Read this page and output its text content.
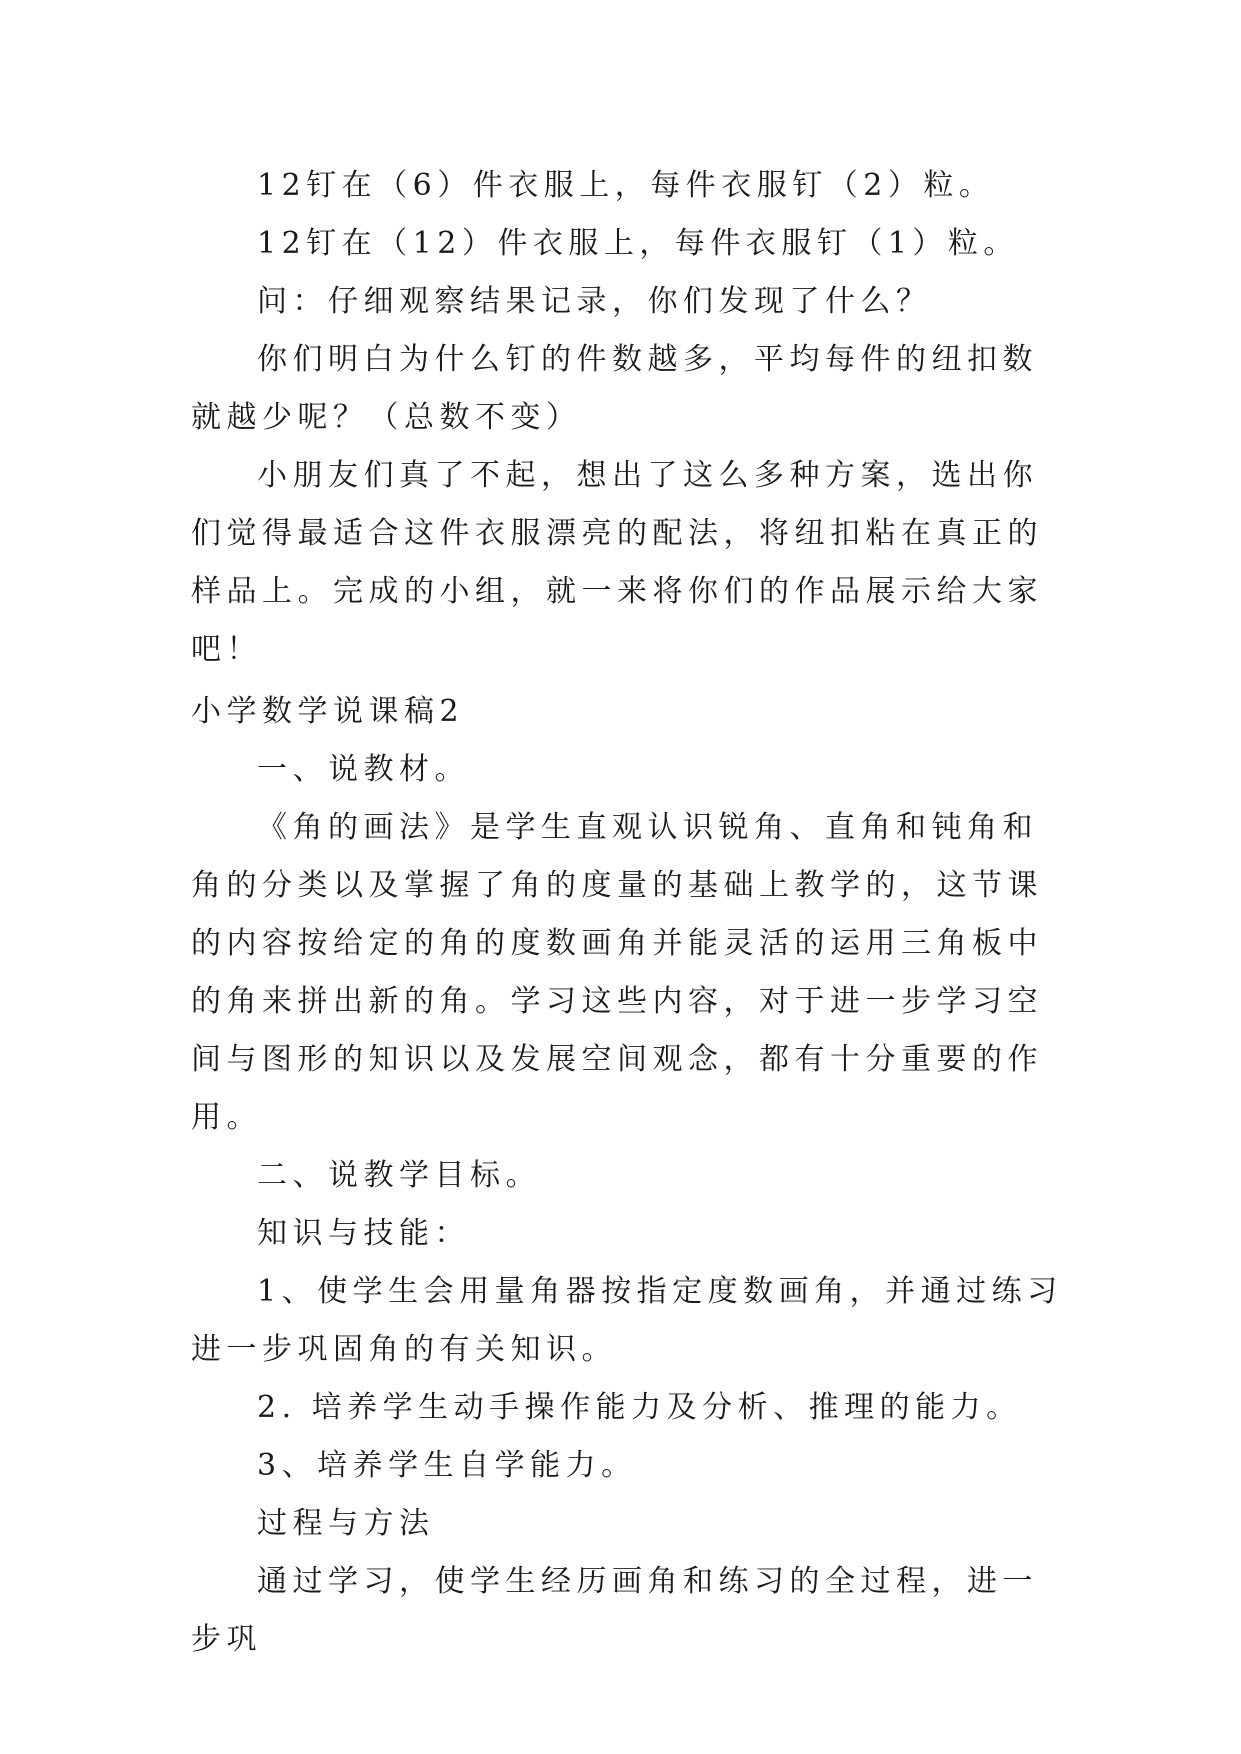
12钉在（6）件衣服上，每件衣服钉（2）粒。

12钉在（12）件衣服上，每件衣服钉（1）粒。

问：仔细观察结果记录，你们发现了什么？

你们明白为什么钉的件数越多，平均每件的纽扣数就越少呢？（总数不变）

小朋友们真了不起，想出了这么多种方案，选出你们觉得最适合这件衣服漂亮的配法，将纽扣粘在真正的样品上。完成的小组，就一来将你们的作品展示给大家吧！

小学数学说课稿2

一、说教材。

《角的画法》是学生直观认识锐角、直角和钝角和角的分类以及掌握了角的度量的基础上教学的，这节课的内容按给定的角的度数画角并能灵活的运用三角板中的角来拼出新的角。学习这些内容，对于进一步学习空间与图形的知识以及发展空间观念，都有十分重要的作用。

二、说教学目标。

知识与技能：

1、使学生会用量角器按指定度数画角，并通过练习进一步巩固角的有关知识。

2. 培养学生动手操作能力及分析、推理的能力。

3、培养学生自学能力。

过程与方法

通过学习，使学生经历画角和练习的全过程，进一步巩
